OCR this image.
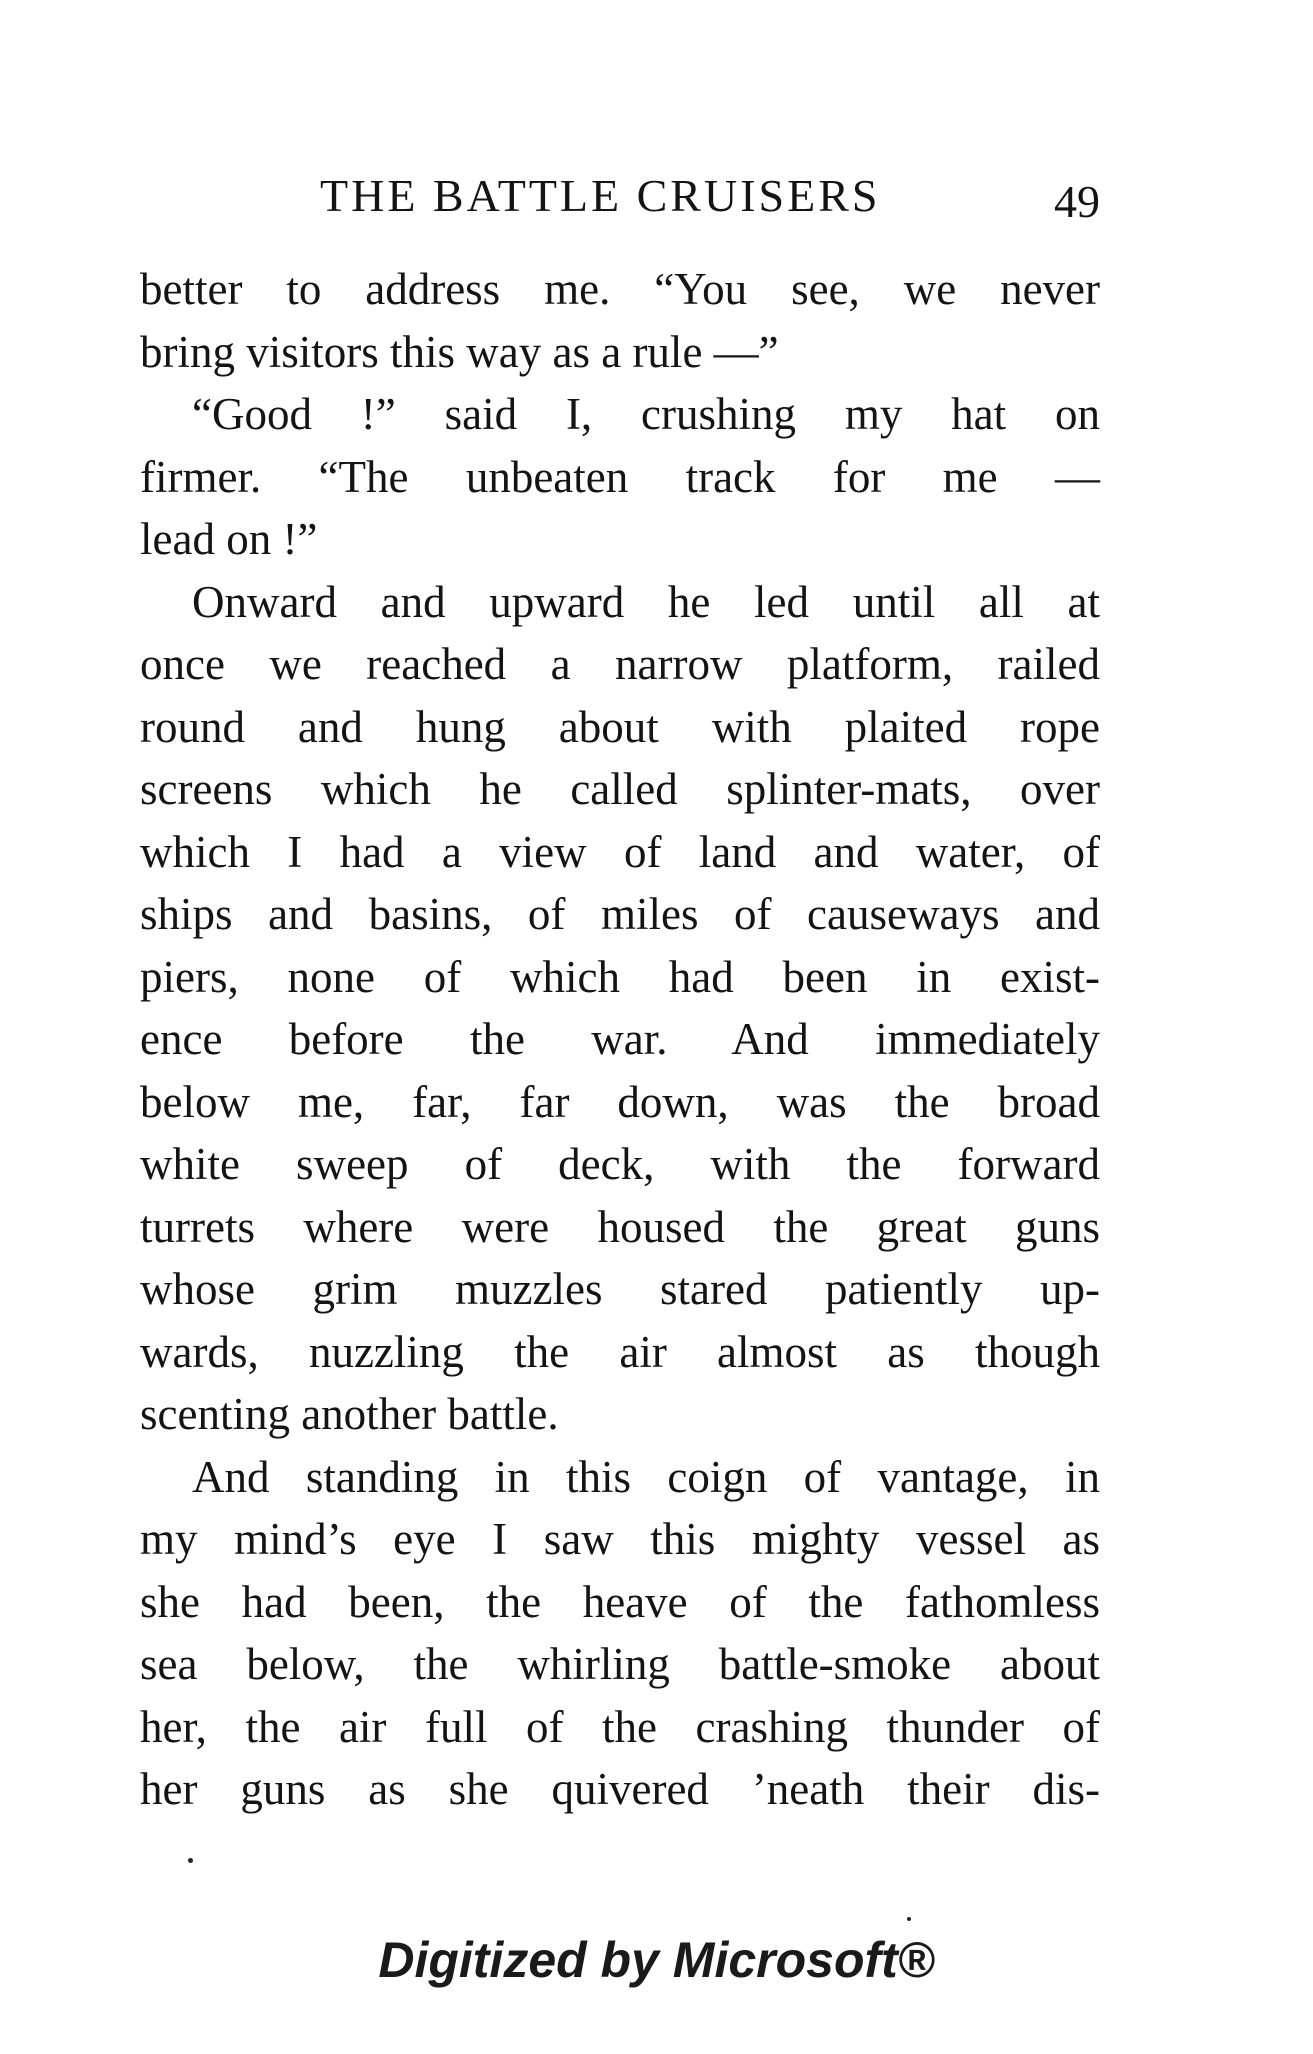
THE BATTLE CRUISERS	49
better to address me. “You see, we never
bring visitors this way as a rule —”
“Good !” said I, crushing my hat on
firmer. “The unbeaten track for me —
lead on !”
Onward and upward he led until all at
once we reached a narrow platform, railed
round and hung about with plaited rope
screens which he called splinter-mats, over
which I had a view of land and water, of
ships and basins, of miles of causeways and
piers, none of which had been in exist-
ence before the war. And immediately
below me, far, far down, was the broad
white sweep of deck, with the forward
turrets where were housed the great guns
whose grim muzzles stared patiently up-
wards, nuzzling the air almost as though
scenting another battle.
And standing in this coign of vantage, in
my mind’s eye I saw this mighty vessel as
she had been, the heave of the fathomless
sea below, the whirling battle-smoke about
her, the air full of the crashing thunder of
her guns as she quivered ’neath their dis-
Digitized by Microsoft®
